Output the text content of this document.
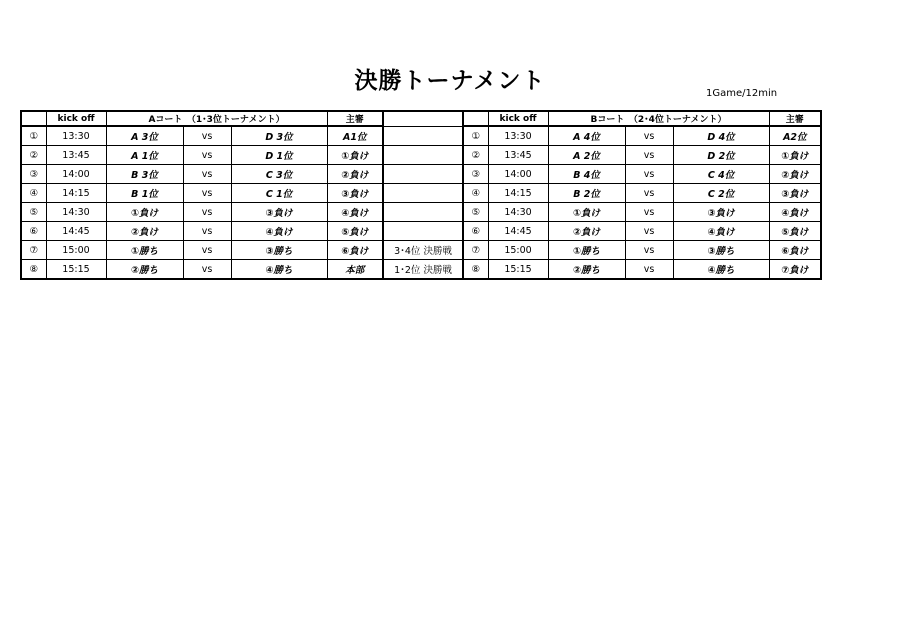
決勝トーナメント	1Game/12min
	kick off	Aコート　（1･3位トーナメント）			主審			kick off	Bコート　（2･4位トーナメント）			主審
①	13:30	A 3位	vs	D 3位	A1位		①	13:30	A 4位	vs	D 4位	A2位
②	13:45	A 1位	vs	D 1位	①負け		②	13:45	A 2位	vs	D 2位	①負け
③	14:00	B 3位	vs	C 3位	②負け		③	14:00	B 4位	vs	C 4位	②負け
④	14:15	B 1位	vs	C 1位	③負け		④	14:15	B 2位	vs	C 2位	③負け
⑤	14:30	①負け	vs	③負け	④負け		⑤	14:30	①負け	vs	③負け	④負け
⑥	14:45	②負け	vs	④負け	⑤負け		⑥	14:45	②負け	vs	④負け	⑤負け
⑦	15:00	①勝ち	vs	③勝ち	⑥負け	3･4位 決勝戦	⑦	15:00	①勝ち	vs	③勝ち	⑥負け
⑧	15:15	②勝ち	vs	④勝ち	本部	1･2位 決勝戦	⑧	15:15	②勝ち	vs	④勝ち	⑦負け
